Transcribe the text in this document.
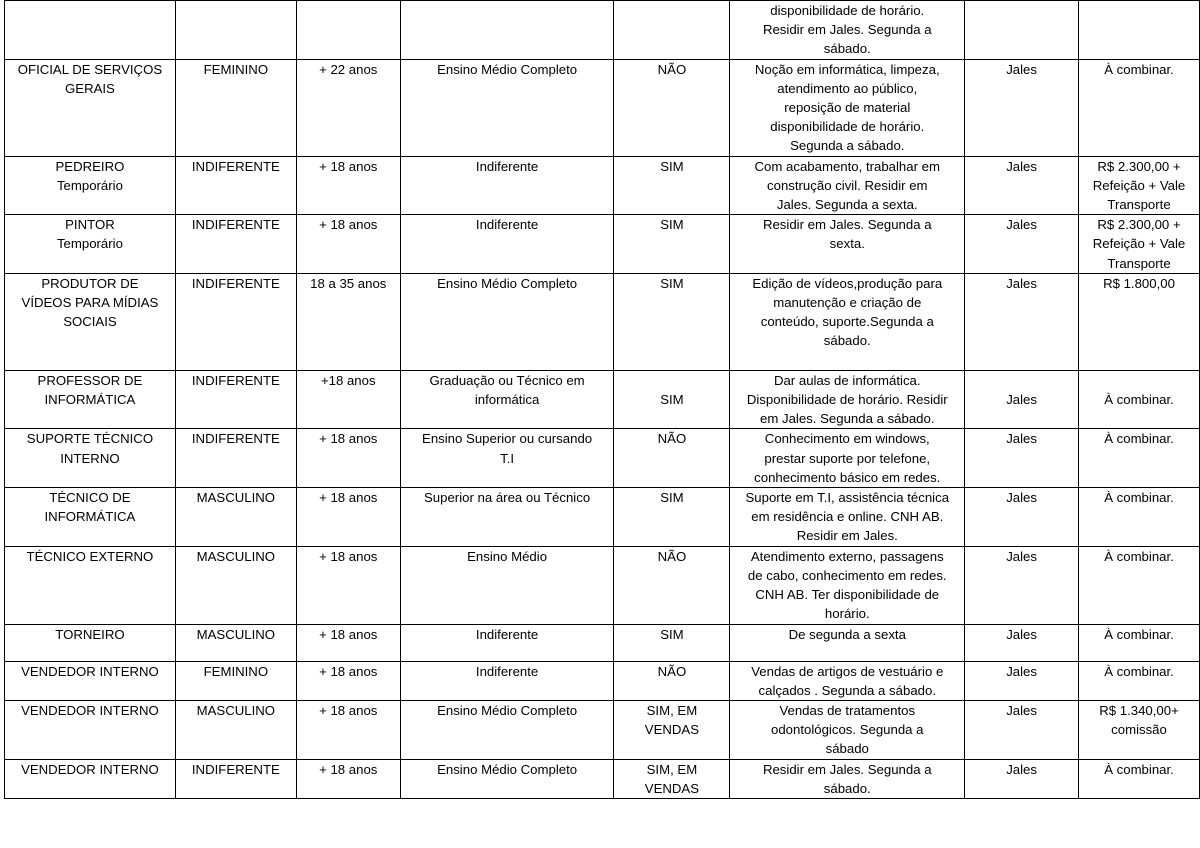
					disponibilidade de horário.
Residir em Jales. Segunda a
sábado.		

OFICIAL DE SERVIÇOS
GERAIS	FEMININO	+ 22 anos	Ensino Médio Completo	NÃO	Noção em informática, limpeza,
atendimento ao público,
reposição de material
disponibilidade de horário.
Segunda a sábado.	Jales	À combinar.

PEDREIRO
Temporário	INDIFERENTE	+ 18 anos	Indiferente	SIM	Com acabamento, trabalhar em
construção civil. Residir em
Jales. Segunda a sexta.	Jales	R$ 2.300,00 +
Refeição + Vale
Transporte

PINTOR
Temporário	INDIFERENTE	+ 18 anos	Indiferente	SIM	Residir em Jales. Segunda a
sexta.	Jales	R$ 2.300,00 +
Refeição + Vale
Transporte

PRODUTOR DE
VÍDEOS PARA MÍDIAS
SOCIAIS	INDIFERENTE	18 a 35 anos	Ensino Médio Completo	SIM	Edição de vídeos,produção para
manutenção e criação de
conteúdo, suporte.Segunda a
sábado.	Jales	R$ 1.800,00

PROFESSOR DE
INFORMÁTICA	INDIFERENTE	+18 anos	Graduação ou Técnico em
informática	SIM	Dar aulas de informática.
Disponibilidade de horário. Residir
em Jales. Segunda a sábado.	Jales	À combinar.

SUPORTE TÉCNICO
INTERNO	INDIFERENTE	+ 18 anos	Ensino Superior ou cursando
T.I	NÃO	Conhecimento em windows,
prestar suporte por telefone,
conhecimento básico em redes.	Jales	À combinar.

TÉCNICO DE
INFORMÁTICA	MASCULINO	+ 18 anos	Superior na área ou Técnico	SIM	Suporte em T.I, assistência técnica
em residência e online. CNH AB.
Residir em Jales.	Jales	À combinar.

TÉCNICO EXTERNO	MASCULINO	+ 18 anos	Ensino Médio	NÃO	Atendimento externo, passagens
de cabo, conhecimento em redes.
CNH AB. Ter disponibilidade de
horário.	Jales	À combinar.

TORNEIRO	MASCULINO	+ 18 anos	Indiferente	SIM	De segunda a sexta	Jales	À combinar.

VENDEDOR INTERNO	FEMININO	+ 18 anos	Indiferente	NÃO	Vendas de artigos de vestuário e
calçados . Segunda a sábado.	Jales	À combinar.

VENDEDOR INTERNO	MASCULINO	+ 18 anos	Ensino Médio Completo	SIM, EM
VENDAS	Vendas de tratamentos
odontológicos. Segunda a
sábado	Jales	R$ 1.340,00+
comissão

VENDEDOR INTERNO	INDIFERENTE	+ 18 anos	Ensino Médio Completo	SIM, EM
VENDAS	Residir em Jales. Segunda a
sábado.	Jales	À combinar.
